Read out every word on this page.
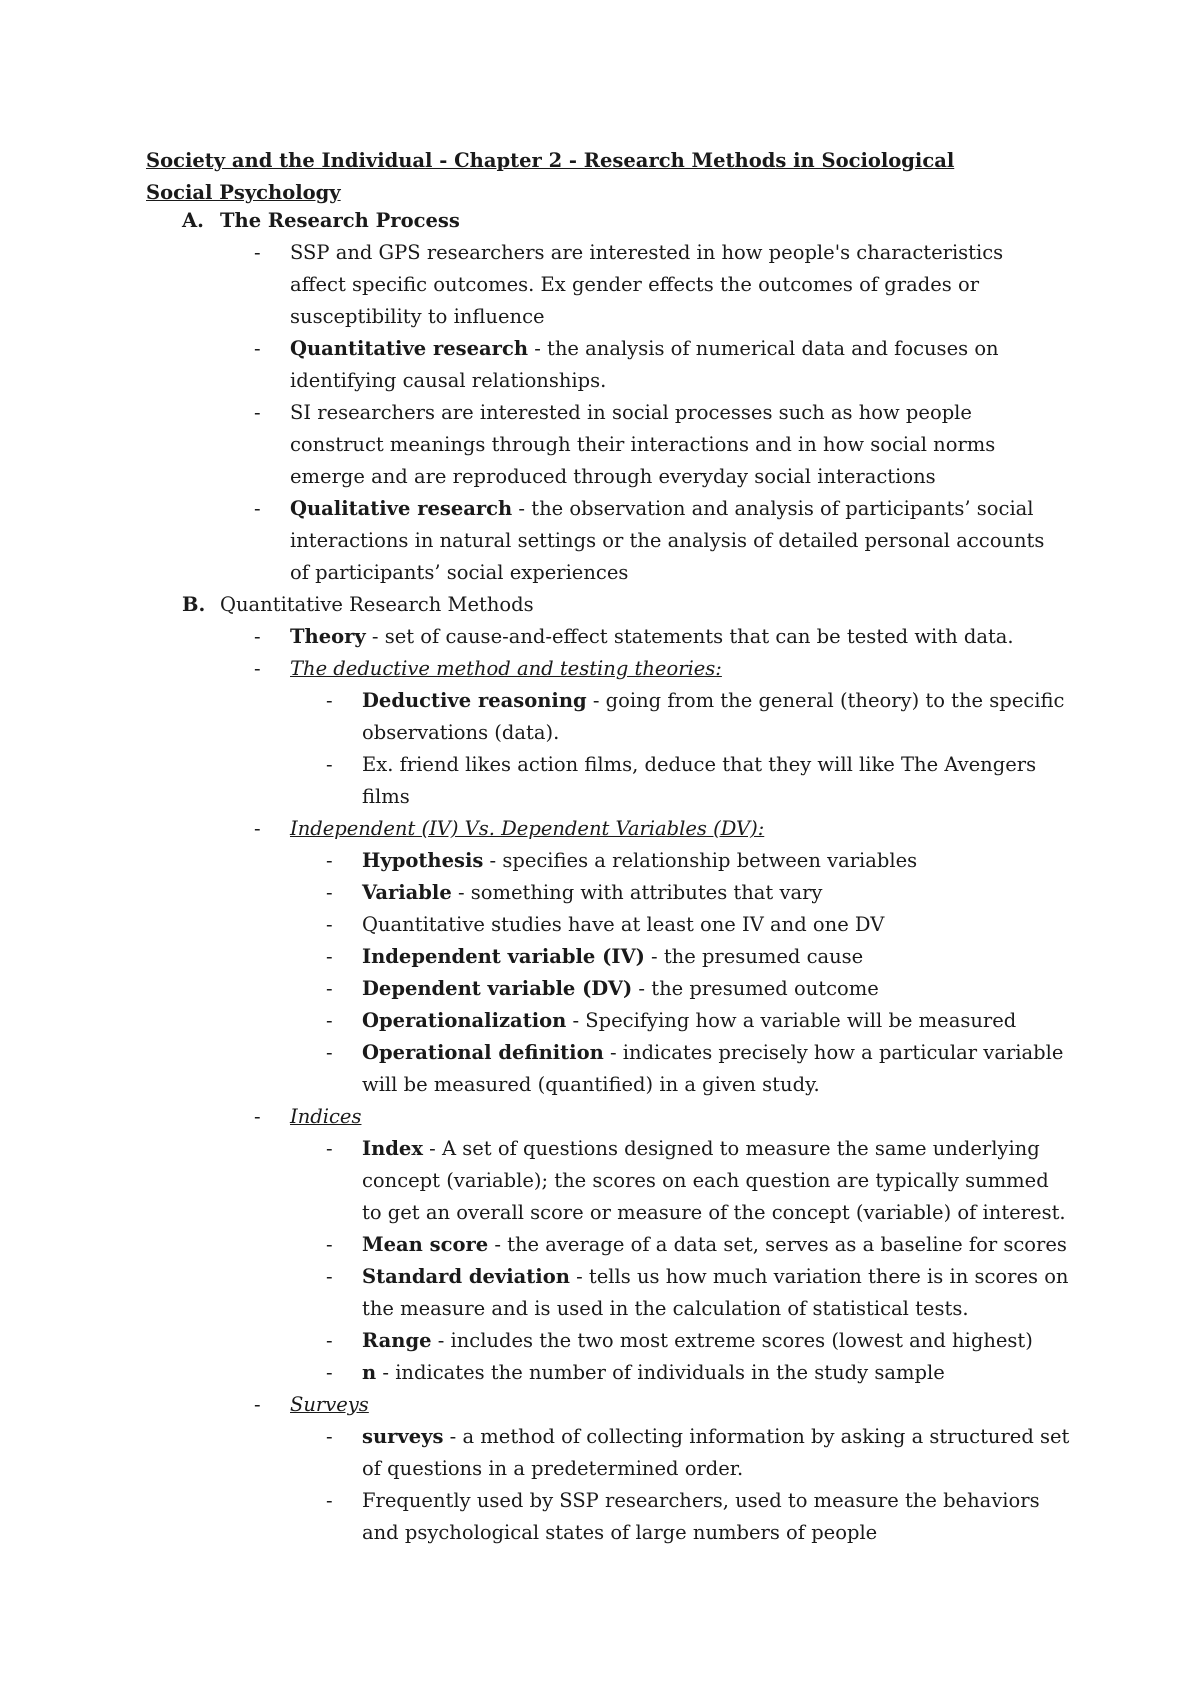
Society and the Individual - Chapter 2 - Research Methods in Sociological Social Psychology
A. The Research Process
- SSP and GPS researchers are interested in how people's characteristics affect specific outcomes. Ex gender effects the outcomes of grades or susceptibility to influence
- Quantitative research - the analysis of numerical data and focuses on identifying causal relationships.
- SI researchers are interested in social processes such as how people construct meanings through their interactions and in how social norms emerge and are reproduced through everyday social interactions
- Qualitative research - the observation and analysis of participants’ social interactions in natural settings or the analysis of detailed personal accounts of participants’ social experiences
B. Quantitative Research Methods
- Theory - set of cause-and-effect statements that can be tested with data.
- The deductive method and testing theories:
- Deductive reasoning - going from the general (theory) to the specific observations (data).
- Ex. friend likes action films, deduce that they will like The Avengers films
- Independent (IV) Vs. Dependent Variables (DV):
- Hypothesis - specifies a relationship between variables
- Variable - something with attributes that vary
- Quantitative studies have at least one IV and one DV
- Independent variable (IV) - the presumed cause
- Dependent variable (DV) - the presumed outcome
- Operationalization - Specifying how a variable will be measured
- Operational definition - indicates precisely how a particular variable will be measured (quantified) in a given study.
- Indices
- Index - A set of questions designed to measure the same underlying concept (variable); the scores on each question are typically summed to get an overall score or measure of the concept (variable) of interest.
- Mean score - the average of a data set, serves as a baseline for scores
- Standard deviation - tells us how much variation there is in scores on the measure and is used in the calculation of statistical tests.
- Range - includes the two most extreme scores (lowest and highest)
- n - indicates the number of individuals in the study sample
- Surveys
- surveys - a method of collecting information by asking a structured set of questions in a predetermined order.
- Frequently used by SSP researchers, used to measure the behaviors and psychological states of large numbers of people
